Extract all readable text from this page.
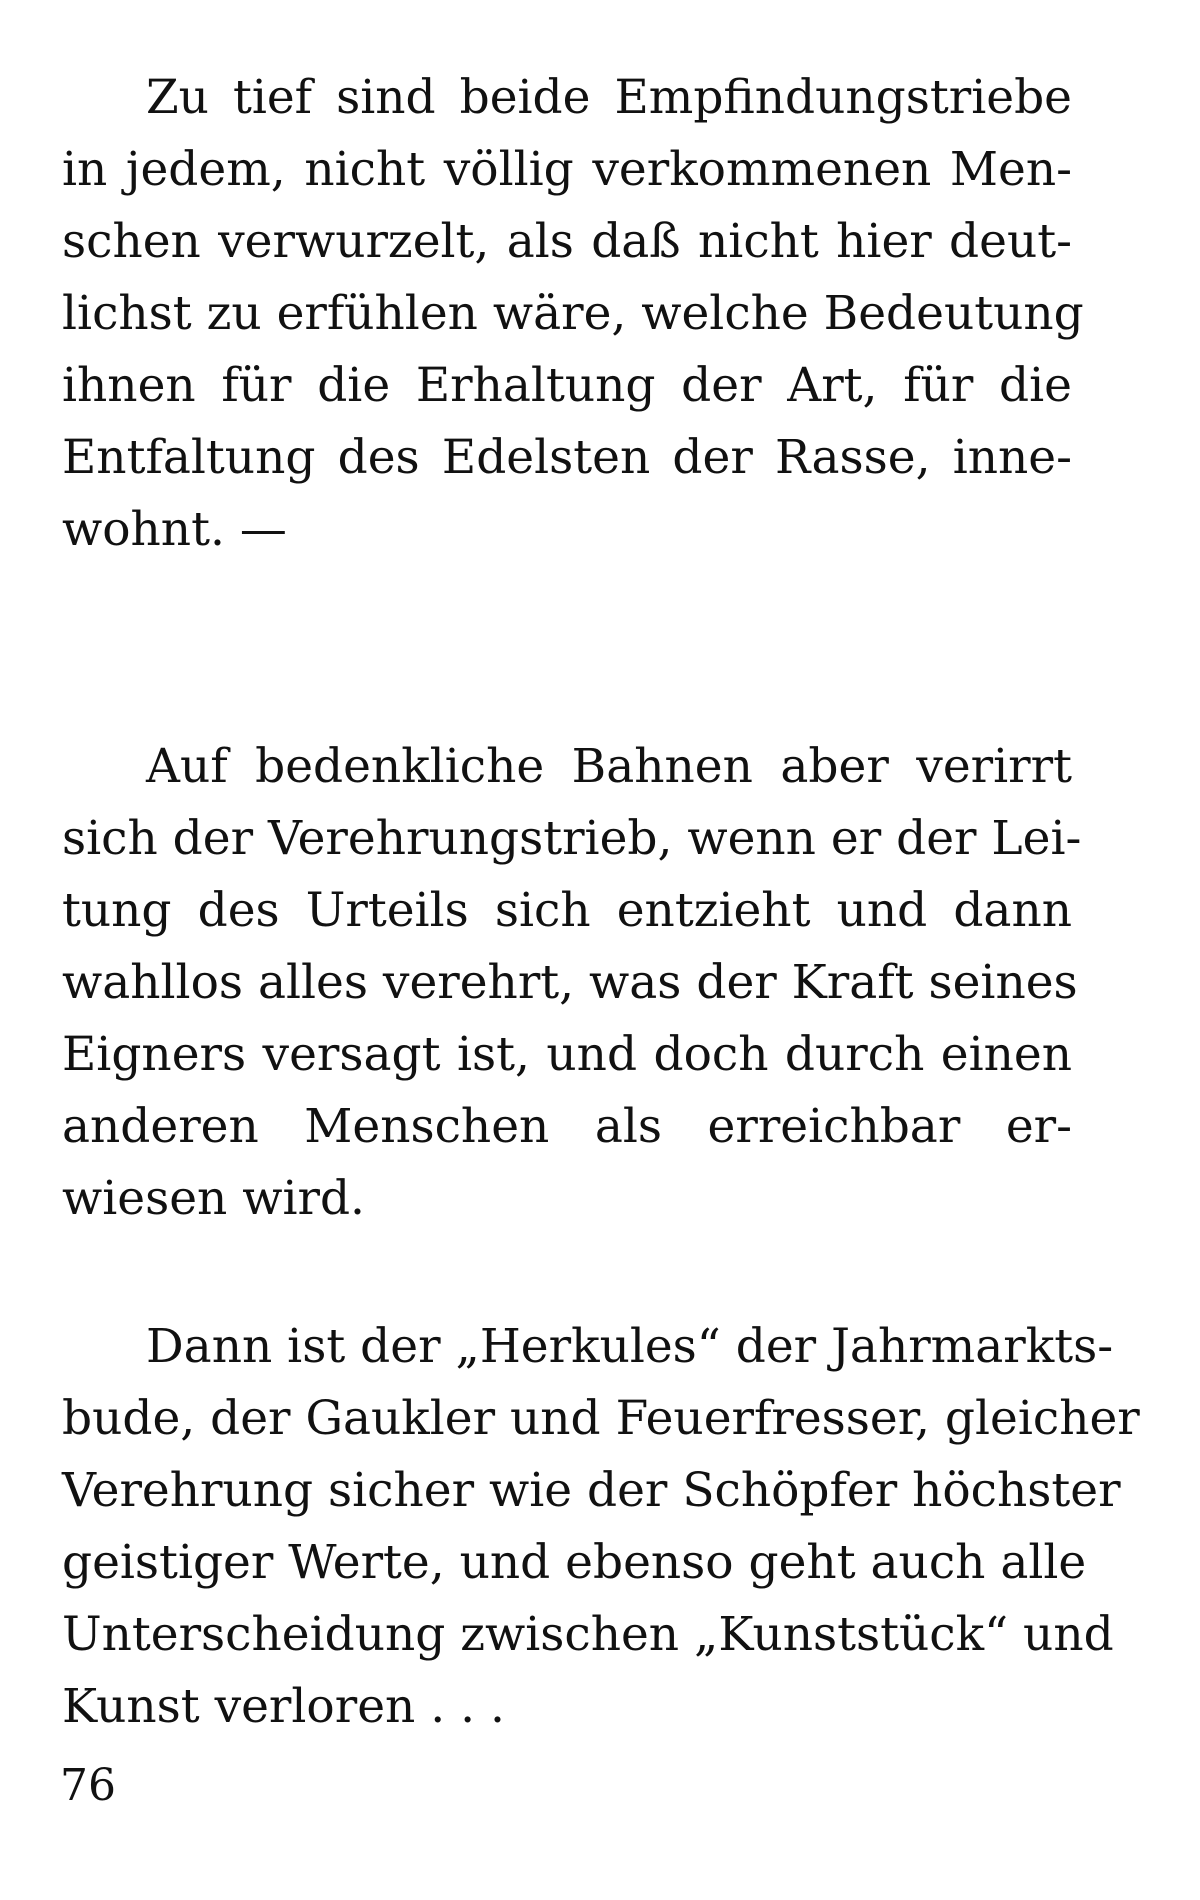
Zu tief sind beide Empfindungstriebe
in jedem, nicht völlig verkommenen Men-
schen verwurzelt, als daß nicht hier deut-
lichst zu erfühlen wäre, welche Bedeutung
ihnen für die Erhaltung der Art, für die
Entfaltung des Edelsten der Rasse, inne-
wohnt. —
Auf bedenkliche Bahnen aber verirrt
sich der Verehrungstrieb, wenn er der Lei-
tung des Urteils sich entzieht und dann
wahllos alles verehrt, was der Kraft seines
Eigners versagt ist, und doch durch einen
anderen Menschen als erreichbar er-
wiesen wird.
Dann ist der „Herkules“ der Jahrmarkts-
bude, der Gaukler und Feuerfresser, gleicher
Verehrung sicher wie der Schöpfer höchster
geistiger Werte, und ebenso geht auch alle
Unterscheidung zwischen „Kunststück“ und
Kunst verloren . . .
76
